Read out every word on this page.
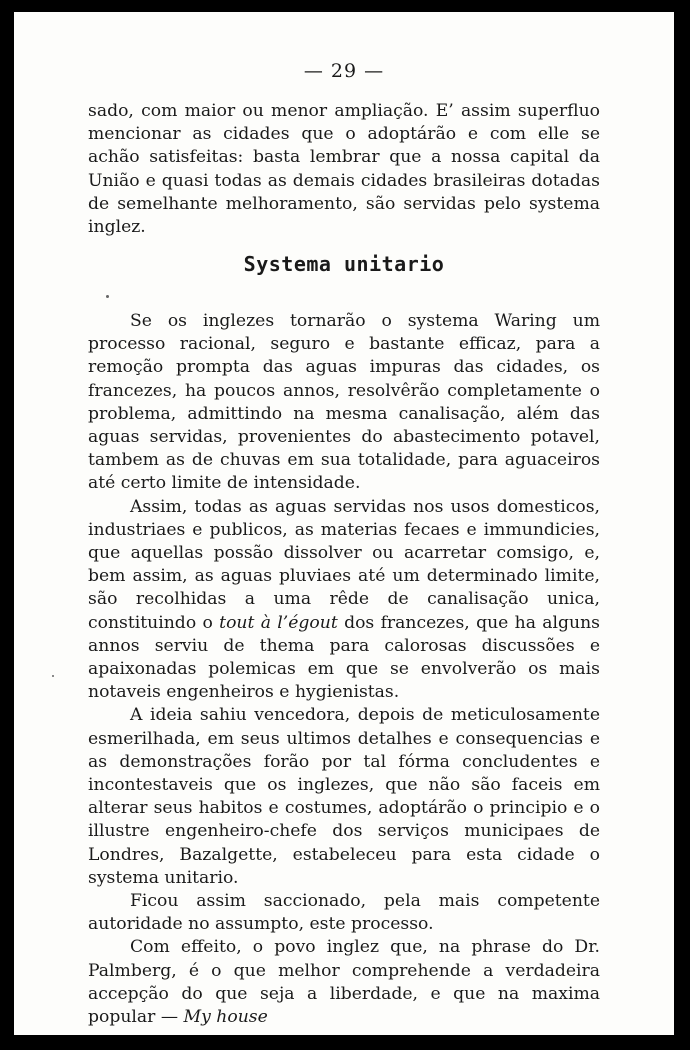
— 29 —

sado, com maior ou menor ampliação. E’ assim superfluo mencionar as cidades que o adoptárão e com elle se achão satisfeitas: basta lembrar que a nossa capital da União e quasi todas as demais cidades brasileiras dotadas de semelhante melhoramento, são servidas pelo systema inglez.

Systema unitario

Se os inglezes tornarão o systema Waring um processo racional, seguro e bastante efficaz, para a remoção prompta das aguas impuras das cidades, os francezes, ha poucos annos, resolvêrão completamente o problema, admittindo na mesma canalisação, além das aguas servidas, provenientes do abastecimento potavel, tambem as de chuvas em sua totalidade, para aguaceiros até certo limite de intensidade.

Assim, todas as aguas servidas nos usos domesticos, industriaes e publicos, as materias fecaes e immundicies, que aquellas possão dissolver ou acarretar comsigo, e, bem assim, as aguas pluviaes até um determinado limite, são recolhidas a uma rêde de canalisação unica, constituindo o tout à l’égout dos francezes, que ha alguns annos serviu de thema para calorosas discussões e apaixonadas polemicas em que se envolverão os mais notaveis engenheiros e hygienistas.

A ideia sahiu vencedora, depois de meticulosamente esmerilhada, em seus ultimos detalhes e consequencias e as demonstrações forão por tal fórma concludentes e incontestaveis que os inglezes, que não são faceis em alterar seus habitos e costumes, adoptárão o principio e o illustre engenheiro-chefe dos serviços municipaes de Londres, Bazalgette, estabeleceu para esta cidade o systema unitario.

Ficou assim saccionado, pela mais competente autoridade no assumpto, este processo.

Com effeito, o povo inglez que, na phrase do Dr. Palmberg, é o que melhor comprehende a verdadeira accepção do que seja a liberdade, e que na maxima popular — My house
